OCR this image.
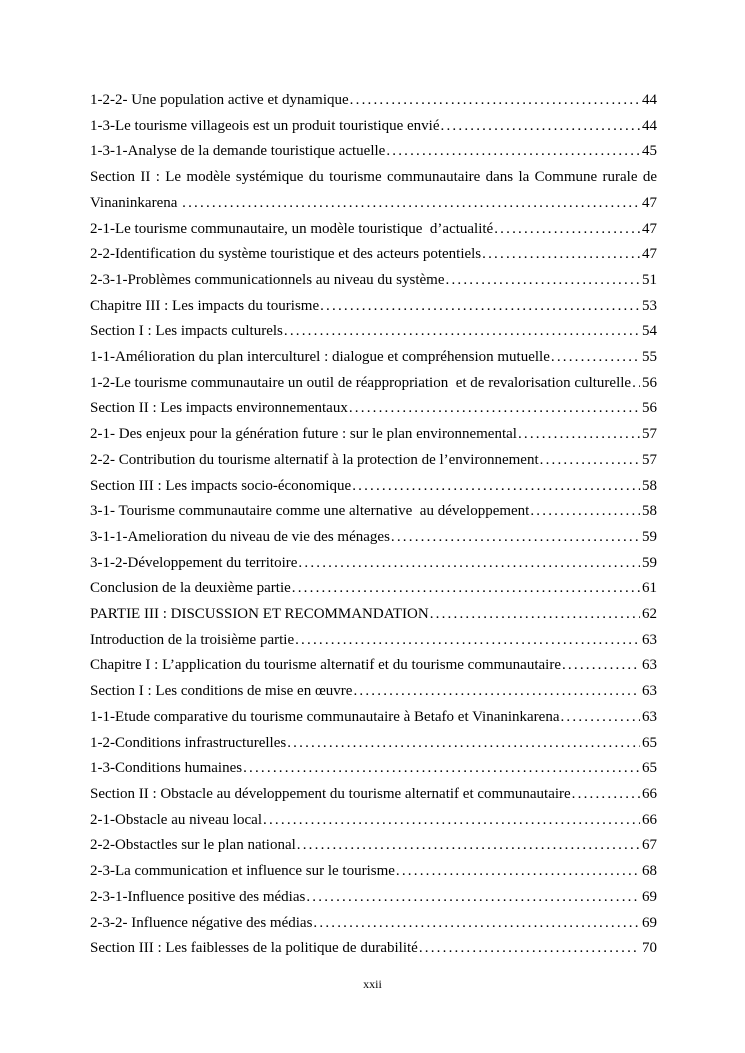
1-2-2- Une population active et dynamique .....	44
1-3-Le tourisme villageois est un produit touristique envié .....	44
1-3-1-Analyse de la demande touristique actuelle .....	45
Section II : Le modèle systémique du tourisme communautaire dans la Commune rurale de
Vinaninkarena .....	47
2-1-Le tourisme communautaire, un modèle touristique  d’actualité .....	47
2-2-Identification du système touristique et des acteurs potentiels .....	47
2-3-1-Problèmes communicationnels au niveau du système .....	51
Chapitre III : Les impacts du tourisme .....	53
Section I : Les impacts culturels .....	54
1-1-Amélioration du plan interculturel : dialogue et compréhension mutuelle .....	55
1-2-Le tourisme communautaire un outil de réappropriation  et de revalorisation culturelle ..... 56
Section II : Les impacts environnementaux .....	56
2-1- Des enjeux pour la génération future : sur le plan environnemental .....	57
2-2- Contribution du tourisme alternatif à la protection de l’environnement .....	57
Section III : Les impacts socio-économique .....	58
3-1- Tourisme communautaire comme une alternative  au développement .....	58
3-1-1-Amelioration du niveau de vie des ménages .....	59
3-1-2-Développement du territoire .....	59
Conclusion de la deuxième partie .....	61
PARTIE III : DISCUSSION ET RECOMMANDATION .....	62
Introduction de la troisième partie .....	63
Chapitre I : L’application du tourisme alternatif et du tourisme communautaire .....	63
Section I : Les conditions de mise en œuvre .....	63
1-1-Etude comparative du tourisme communautaire à Betafo et Vinaninkarena .....	63
1-2-Conditions infrastructurelles .....	65
1-3-Conditions humaines .....	65
Section II : Obstacle au développement du tourisme alternatif et communautaire .....	66
2-1-Obstacle au niveau local .....	66
2-2-Obstactles sur le plan national .....	67
2-3-La communication et influence sur le tourisme .....	68
2-3-1-Influence positive des médias .....	69
2-3-2- Influence négative des médias .....	69
Section III : Les faiblesses de la politique de durabilité .....	70
xxii
